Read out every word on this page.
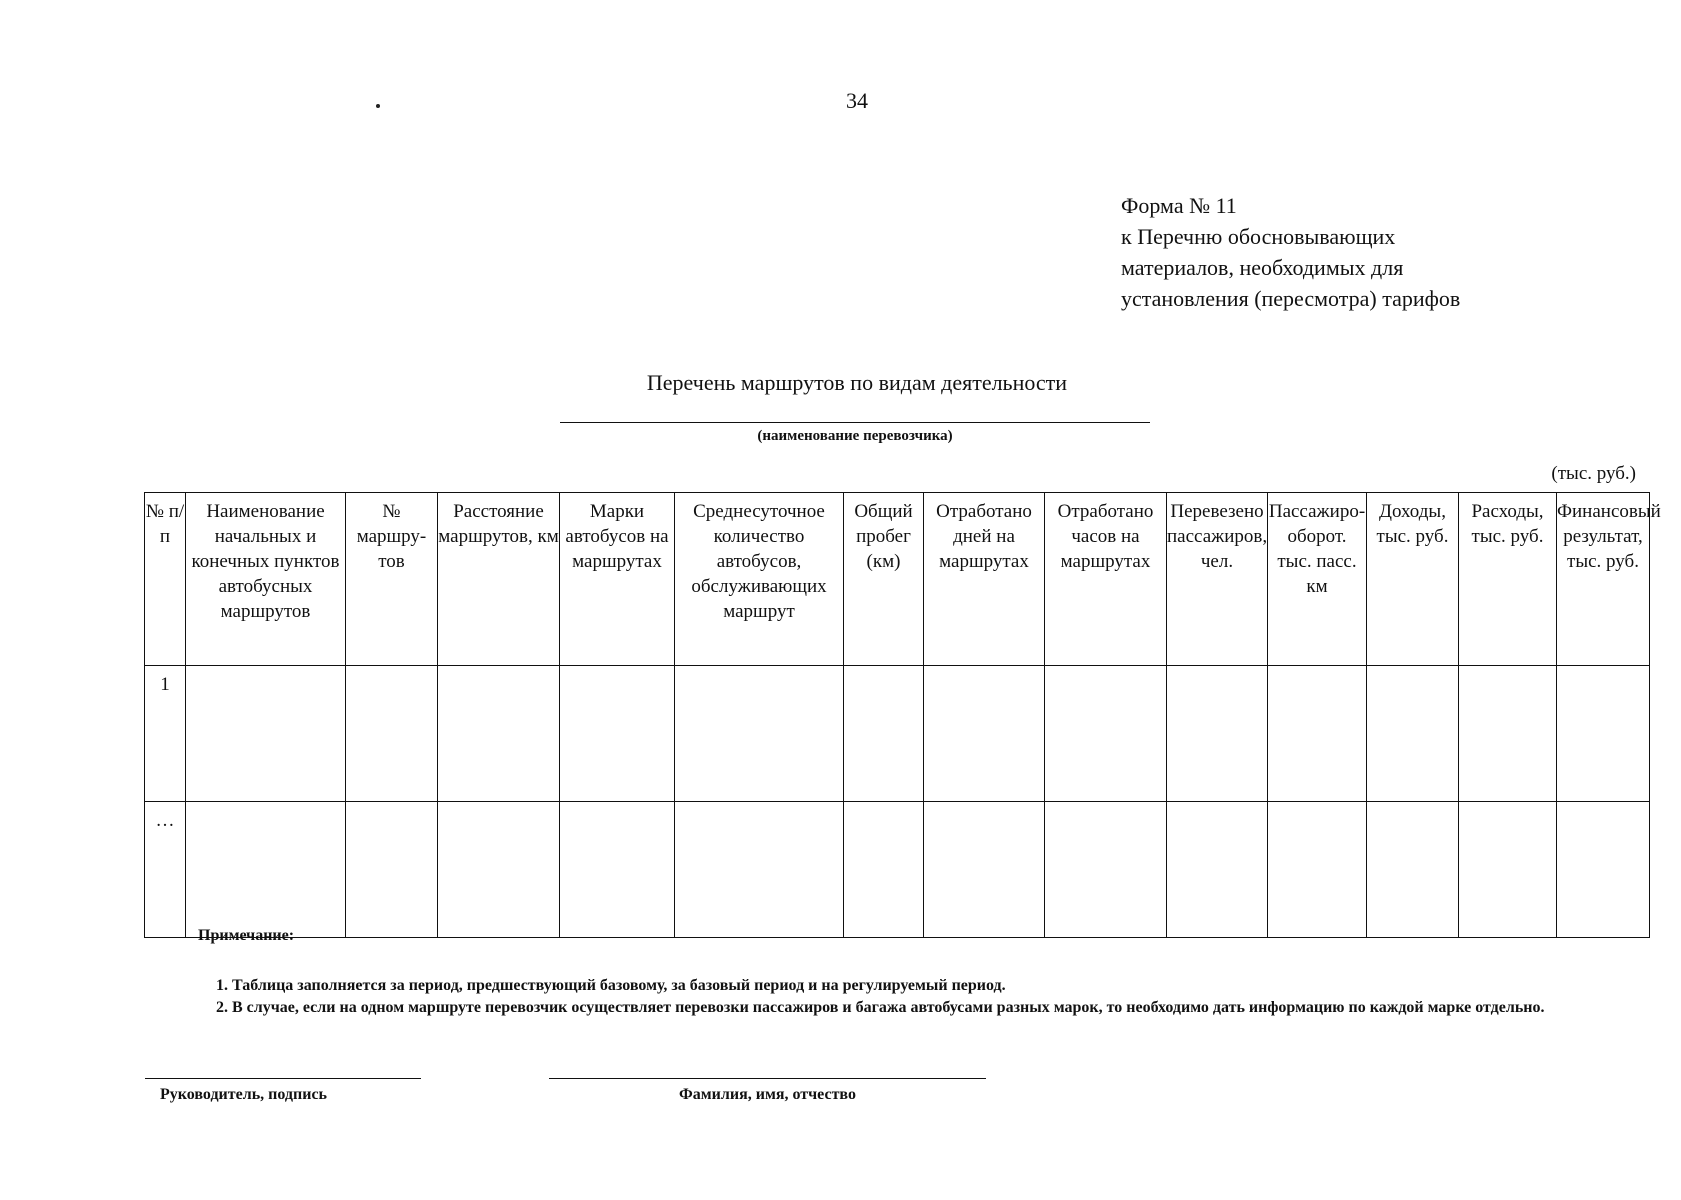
34
Форма № 11
к Перечню обосновывающих
материалов, необходимых для
установления (пересмотра) тарифов
Перечень маршрутов по видам деятельности
(наименование перевозчика)
(тыс. руб.)
№ п/ п	Наименование начальных и конечных пунктов автобусных маршрутов	№ маршру-тов	Расстояние маршрутов, км	Марки автобусов на маршрутах	Среднесуточное количество автобусов, обслуживающих маршрут	Общий пробег (км)	Отработано дней на маршрутах	Отработано часов на маршрутах	Перевезено пассажиров, чел.	Пассажиро-оборот. тыс. пасс. км	Доходы, тыс. руб.	Расходы, тыс. руб.	Финансовый результат, тыс. руб.
1													
…													
Примечание:
1. Таблица заполняется за период, предшествующий базовому, за базовый период и на регулируемый период.
2. В случае, если на одном маршруте перевозчик осуществляет перевозки пассажиров и багажа автобусами разных марок, то необходимо дать информацию по каждой марке отдельно.
Руководитель, подпись	Фамилия, имя, отчество
